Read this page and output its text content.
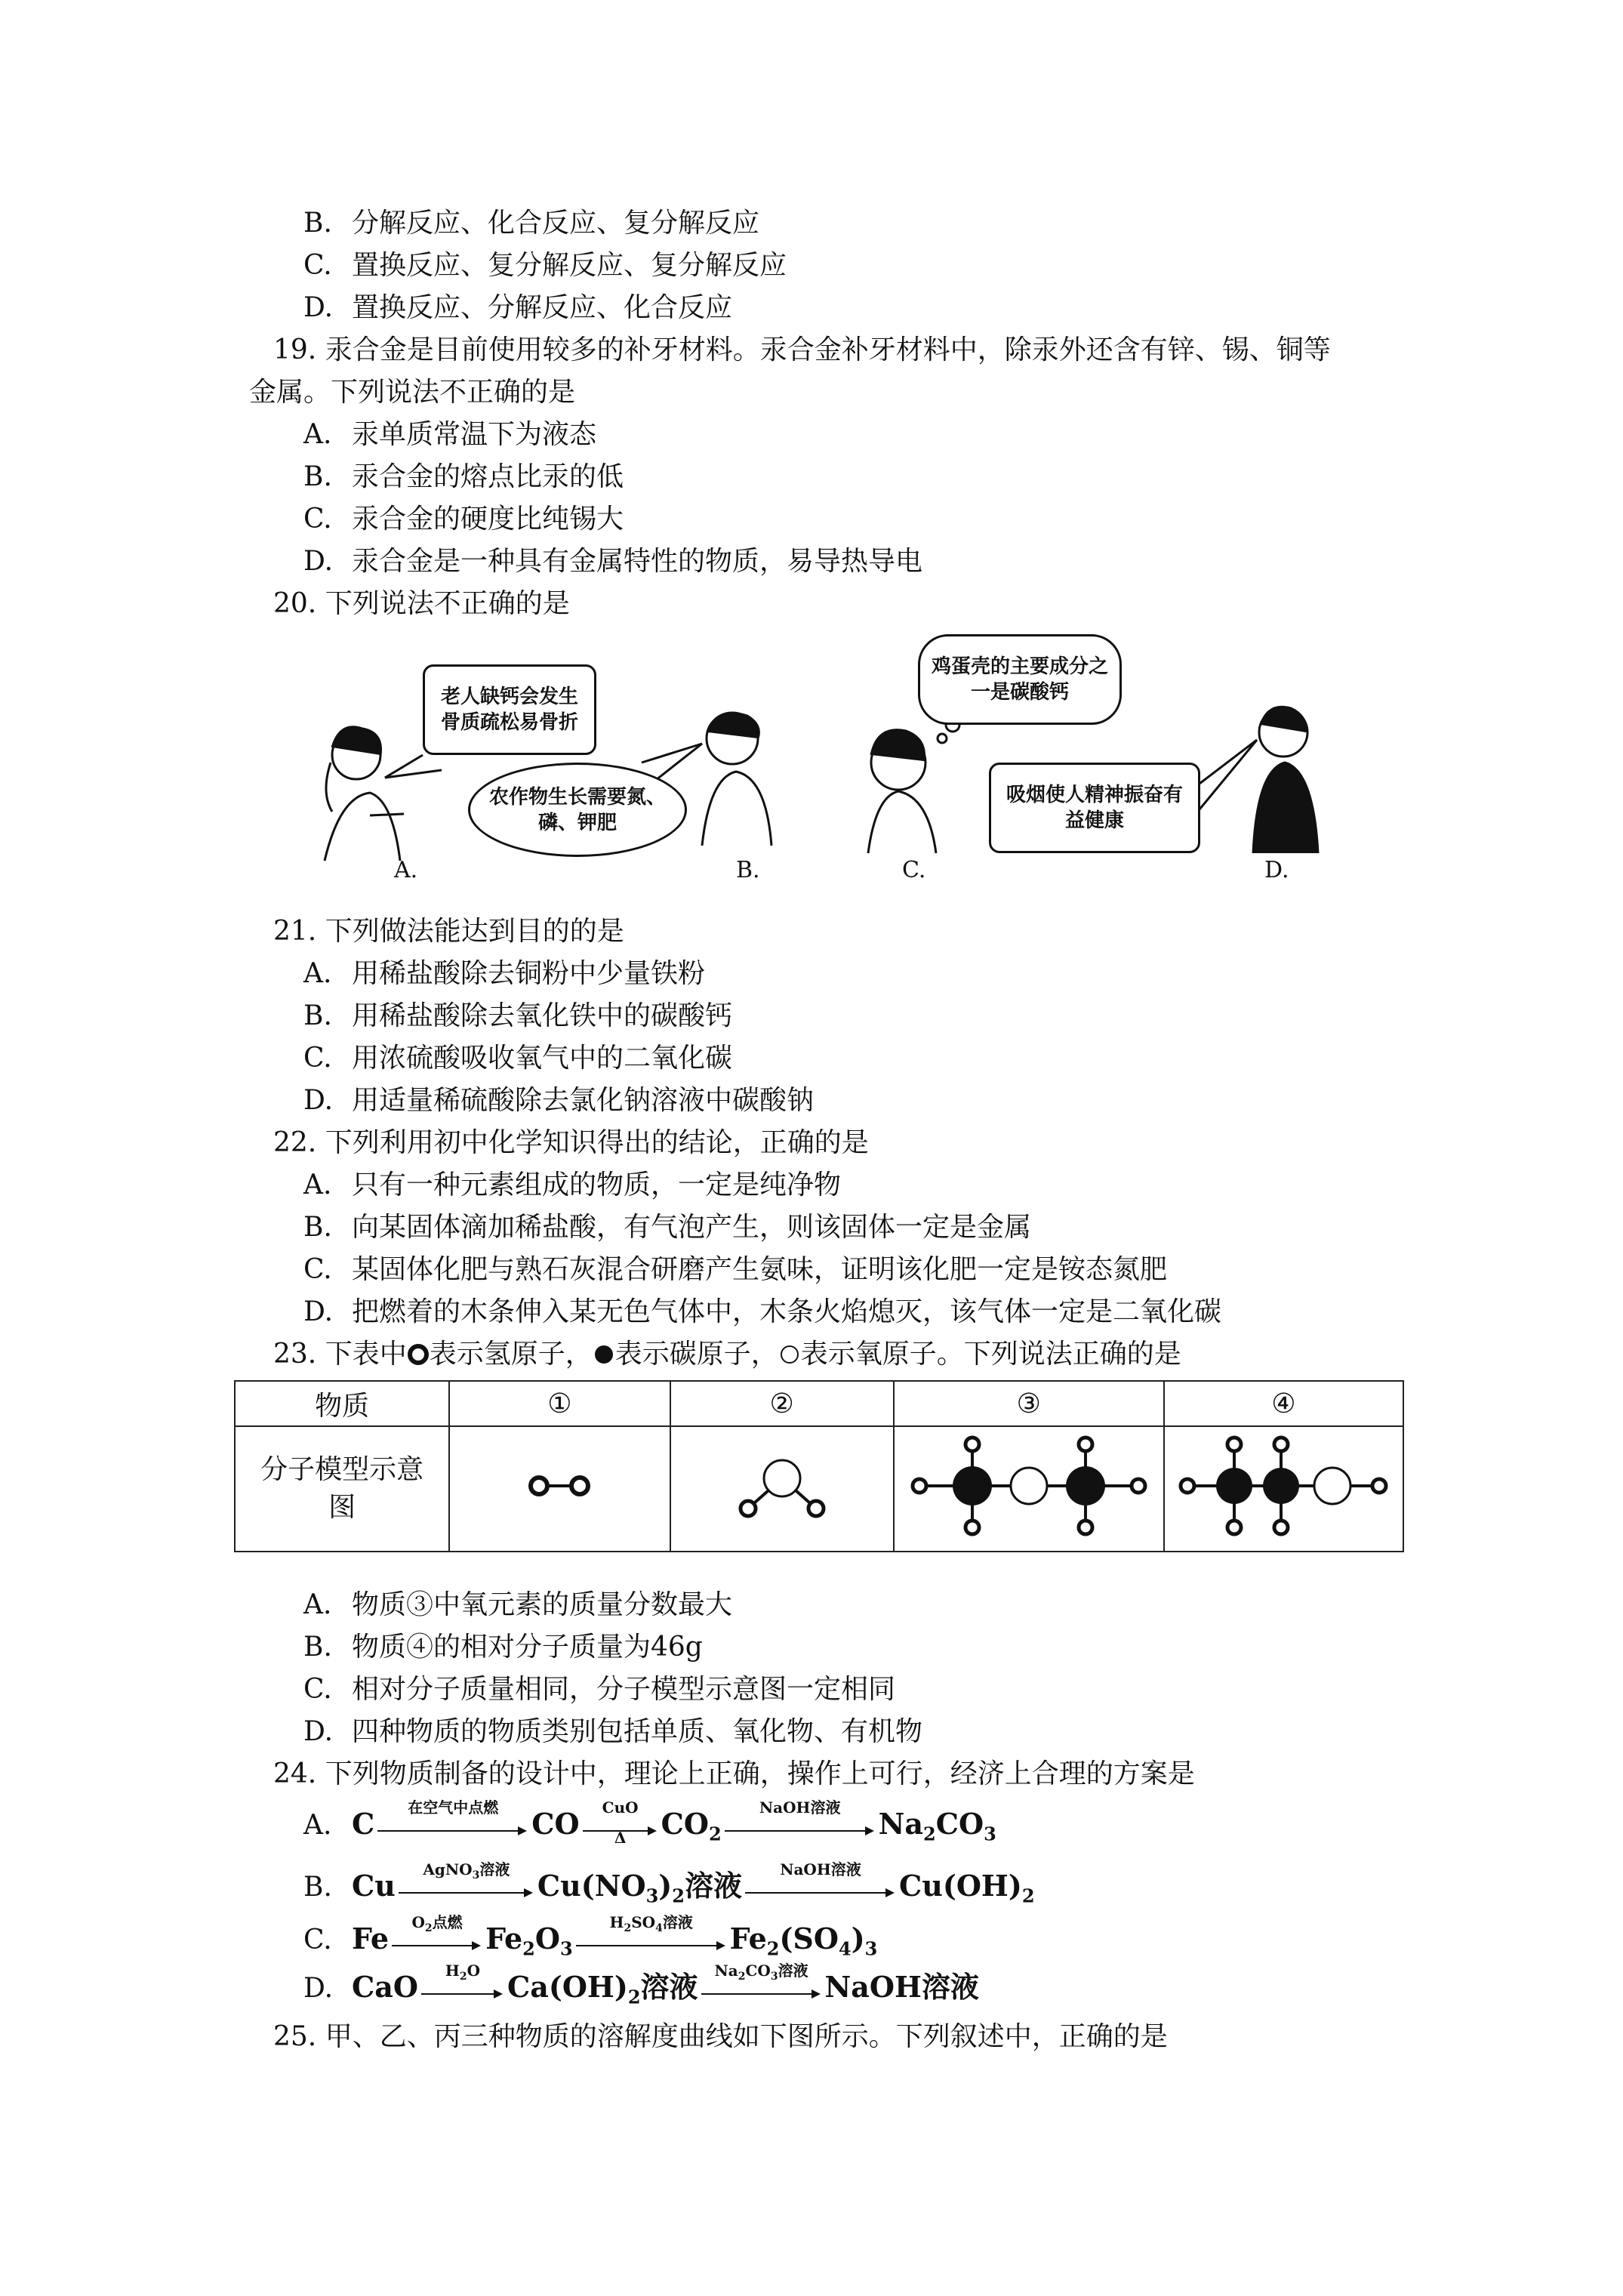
B. 分解反应、化合反应、复分解反应
C. 置换反应、复分解反应、复分解反应
D. 置换反应、分解反应、化合反应
19. 汞合金是目前使用较多的补牙材料。汞合金补牙材料中，除汞外还含有锌、锡、铜等
金属。下列说法不正确的是
A. 汞单质常温下为液态
B. 汞合金的熔点比汞的低
C. 汞合金的硬度比纯锡大
D. 汞合金是一种具有金属特性的物质，易导热导电
20. 下列说法不正确的是
老人缺钙会发生骨质疏松易骨折
农作物生长需要氮、磷、钾肥
鸡蛋壳的主要成分之一是碳酸钙
吸烟使人精神振奋有益健康
A.	B.	C.	D.
21. 下列做法能达到目的的是
A. 用稀盐酸除去铜粉中少量铁粉
B. 用稀盐酸除去氧化铁中的碳酸钙
C. 用浓硫酸吸收氧气中的二氧化碳
D. 用适量稀硫酸除去氯化钠溶液中碳酸钠
22. 下列利用初中化学知识得出的结论，正确的是
A. 只有一种元素组成的物质，一定是纯净物
B. 向某固体滴加稀盐酸，有气泡产生，则该固体一定是金属
C. 某固体化肥与熟石灰混合研磨产生氨味，证明该化肥一定是铵态氮肥
D. 把燃着的木条伸入某无色气体中，木条火焰熄灭，该气体一定是二氧化碳
23. 下表中 表示氢原子， 表示碳原子， 表示氧原子。下列说法正确的是
物质	①	②	③	④
分子模型示意图				
A. 物质③中氧元素的质量分数最大
B. 物质④的相对分子质量为46g
C. 相对分子质量相同，分子模型示意图一定相同
D. 四种物质的物质类别包括单质、氧化物、有机物
24. 下列物质制备的设计中，理论上正确，操作上可行，经济上合理的方案是
A. C	在空气中点燃	CO	CuO
Δ	$CO_2$
NaOH溶液	$Na_2CO_3$
B. Cu	AgNO$_3$溶液 $Cu(NO_3)_2$溶液	NaOH溶液	$Cu(OH)_2$
C. Fe	$O_2$点燃 $Fe_2O_3$
$H_2SO_4$溶液	$Fe_2(SO_4)_3$
D. CaO	$H_2O$ $Ca(OH)_2$溶液	$Na_2CO_3$溶液 NaOH溶液
25. 甲、乙、丙三种物质的溶解度曲线如下图所示。下列叙述中，正确的是
